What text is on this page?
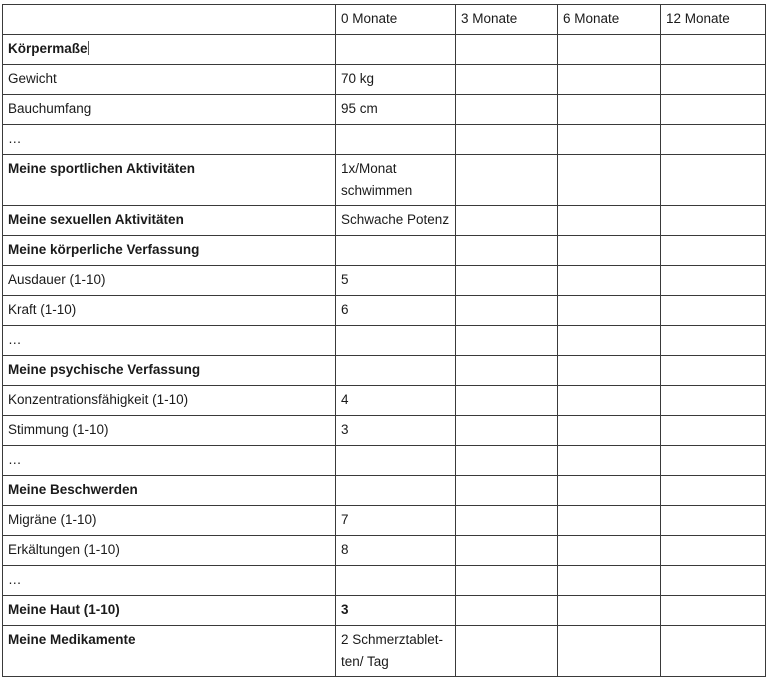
	0 Monate	3 Monate	6 Monate	12 Monate
Körpermaße				
Gewicht	70 kg			
Bauchumfang	95 cm			
…				
Meine sportlichen Aktivitäten	1x/Monat schwimmen			
Meine sexuellen Aktivitäten	Schwache Potenz			
Meine körperliche Verfassung				
Ausdauer (1-10)	5			
Kraft (1-10)	6			
…				
Meine psychische Verfassung				
Konzentrationsfähigkeit (1-10)	4			
Stimmung (1-10)	3			
…				
Meine Beschwerden				
Migräne (1-10)	7			
Erkältungen (1-10)	8			
…				
Meine Haut (1-10)	3			
Meine Medikamente	2 Schmerztablet-ten/ Tag			
